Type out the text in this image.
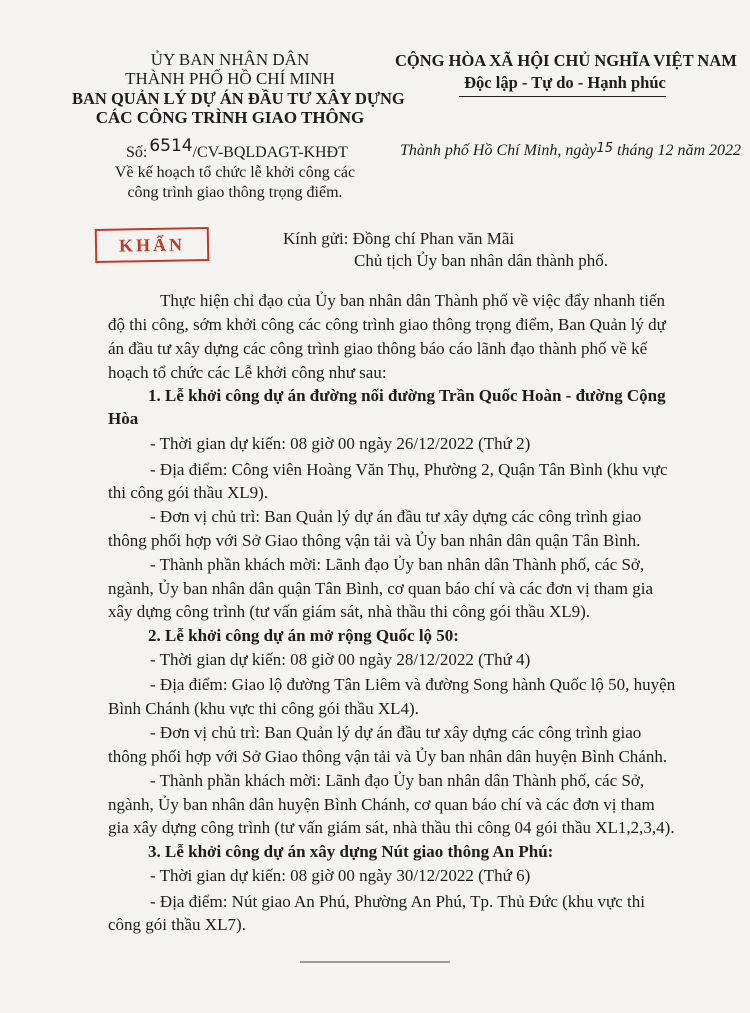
ỦY BAN NHÂN DÂN
THÀNH PHỐ HỒ CHÍ MINH
BAN QUẢN LÝ DỰ ÁN ĐẦU TƯ XÂY DỰNG
CÁC CÔNG TRÌNH GIAO THÔNG
CỘNG HÒA XÃ HỘI CHỦ NGHĨA VIỆT NAM
Độc lập - Tự do - Hạnh phúc
Số: 6514/CV-BQLDAGT-KHĐT	Thành phố Hồ Chí Minh, ngày15 tháng 12 năm 2022
Về kế hoạch tổ chức lễ khởi công các
công trình giao thông trọng điểm.
KHẨN	Kính gửi: Đồng chí Phan văn Mãi
Chủ tịch Ủy ban nhân dân thành phố.
Thực hiện chỉ đạo của Ủy ban nhân dân Thành phố về việc đẩy nhanh tiến
độ thi công, sớm khởi công các công trình giao thông trọng điểm, Ban Quản lý dự
án đầu tư xây dựng các công trình giao thông báo cáo lãnh đạo thành phố về kế
hoạch tổ chức các Lễ khởi công như sau:
1. Lễ khởi công dự án đường nối đường Trần Quốc Hoàn - đường Cộng
Hòa
- Thời gian dự kiến: 08 giờ 00 ngày 26/12/2022 (Thứ 2)
- Địa điểm: Công viên Hoàng Văn Thụ, Phường 2, Quận Tân Bình (khu vực
thi công gói thầu XL9).
- Đơn vị chủ trì: Ban Quản lý dự án đầu tư xây dựng các công trình giao
thông phối hợp với Sở Giao thông vận tải và Ủy ban nhân dân quận Tân Bình.
- Thành phần khách mời: Lãnh đạo Ủy ban nhân dân Thành phố, các Sở,
ngành, Ủy ban nhân dân quận Tân Bình, cơ quan báo chí và các đơn vị tham gia
xây dựng công trình (tư vấn giám sát, nhà thầu thi công gói thầu XL9).
2. Lễ khởi công dự án mở rộng Quốc lộ 50:
- Thời gian dự kiến: 08 giờ 00 ngày 28/12/2022 (Thứ 4)
- Địa điểm: Giao lộ đường Tân Liêm và đường Song hành Quốc lộ 50, huyện
Bình Chánh (khu vực thi công gói thầu XL4).
- Đơn vị chủ trì: Ban Quản lý dự án đầu tư xây dựng các công trình giao
thông phối hợp với Sở Giao thông vận tải và Ủy ban nhân dân huyện Bình Chánh.
- Thành phần khách mời: Lãnh đạo Ủy ban nhân dân Thành phố, các Sở,
ngành, Ủy ban nhân dân huyện Bình Chánh, cơ quan báo chí và các đơn vị tham
gia xây dựng công trình (tư vấn giám sát, nhà thầu thi công 04 gói thầu XL1,2,3,4).
3. Lễ khởi công dự án xây dựng Nút giao thông An Phú:
- Thời gian dự kiến: 08 giờ 00 ngày 30/12/2022 (Thứ 6)
- Địa điểm: Nút giao An Phú, Phường An Phú, Tp. Thủ Đức (khu vực thi
công gói thầu XL7).
